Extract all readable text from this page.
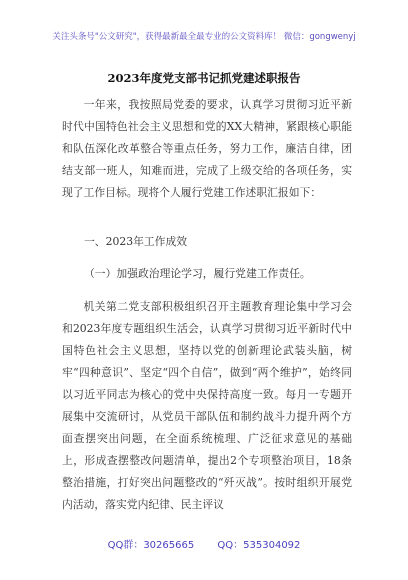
关注头条号"公文研究"，获得最新最全最专业的公文资料库！ 微信：gongwenyj
2023年度党支部书记抓党建述职报告
一年来，我按照局党委的要求，认真学习贯彻习近平新时代中国特色社会主义思想和党的XX大精神，紧跟核心职能和队伍深化改革整合等重点任务，努力工作，廉洁自律，团结支部一班人，知难而进，完成了上级交给的各项任务，实现了工作目标。现将个人履行党建工作述职汇报如下：
一、2023年工作成效
（一）加强政治理论学习，履行党建工作责任。
机关第二党支部积极组织召开主题教育理论集中学习会和2023年度专题组织生活会，认真学习贯彻习近平新时代中国特色社会主义思想，坚持以党的创新理论武装头脑，树牢“四种意识”、坚定“四个自信”，做到“两个维护”，始终同以习近平同志为核心的党中央保持高度一致。每月一专题开展集中交流研讨，从党员干部队伍和制约战斗力提升两个方面查摆突出问题，在全面系统梳理、广泛征求意见的基础上，形成查摆整改问题清单，提出2个专项整治项目，18条整治措施，打好突出问题整改的“歼灭战”。按时组织开展党内活动，落实党内纪律、民主评议
QQ群：30265665 QQ：535304092
